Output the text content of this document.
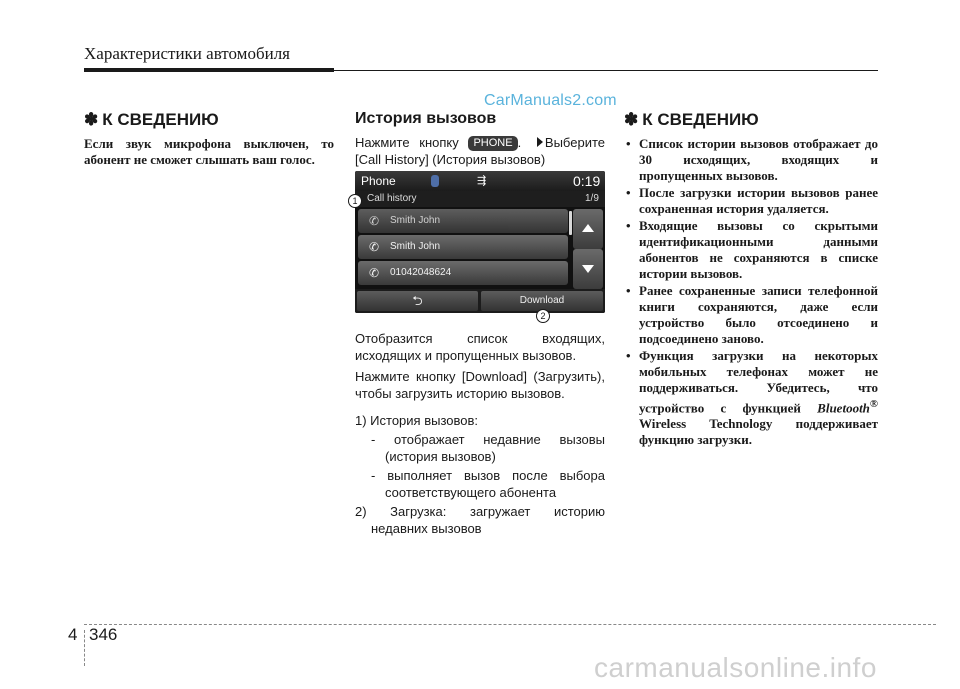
Характеристики автомобиля
CarManuals2.com
✽ К СВЕДЕНИЮ
Если звук микрофона выключен, то абонент не сможет слышать ваш голос.
История вызовов
Нажмите кнопку PHONE . Выберите [Call History] (История вызовов)
Phone	⇶	0:19
Call history	1/9
✆ Smith John
✆ Smith John
✆ 01042048624
⮌	Download
1
2
Отобразится список входящих, исходящих и пропущенных вызовов.
Нажмите кнопку [Download] (Загрузить), чтобы загрузить историю вызовов.
1) История вызовов:
- отображает недавние вызовы (история вызовов)
- выполняет вызов после выбора соответствующего абонента
2) Загрузка: загружает историю недавних вызовов
✽ К СВЕДЕНИЮ
• Список истории вызовов отображает до 30 исходящих, входящих и пропущенных вызовов.
• После загрузки истории вызовов ранее сохраненная история удаляется.
• Входящие вызовы со скрытыми идентификационными данными абонентов не сохраняются в списке истории вызовов.
• Ранее сохраненные записи телефонной книги сохраняются, даже если устройство было отсоединено и подсоединено заново.
• Функция загрузки на некоторых мобильных телефонах может не поддерживаться. Убедитесь, что устройство с функцией Bluetooth® Wireless Technology поддерживает функцию загрузки.
4 346
carmanualsonline.info
